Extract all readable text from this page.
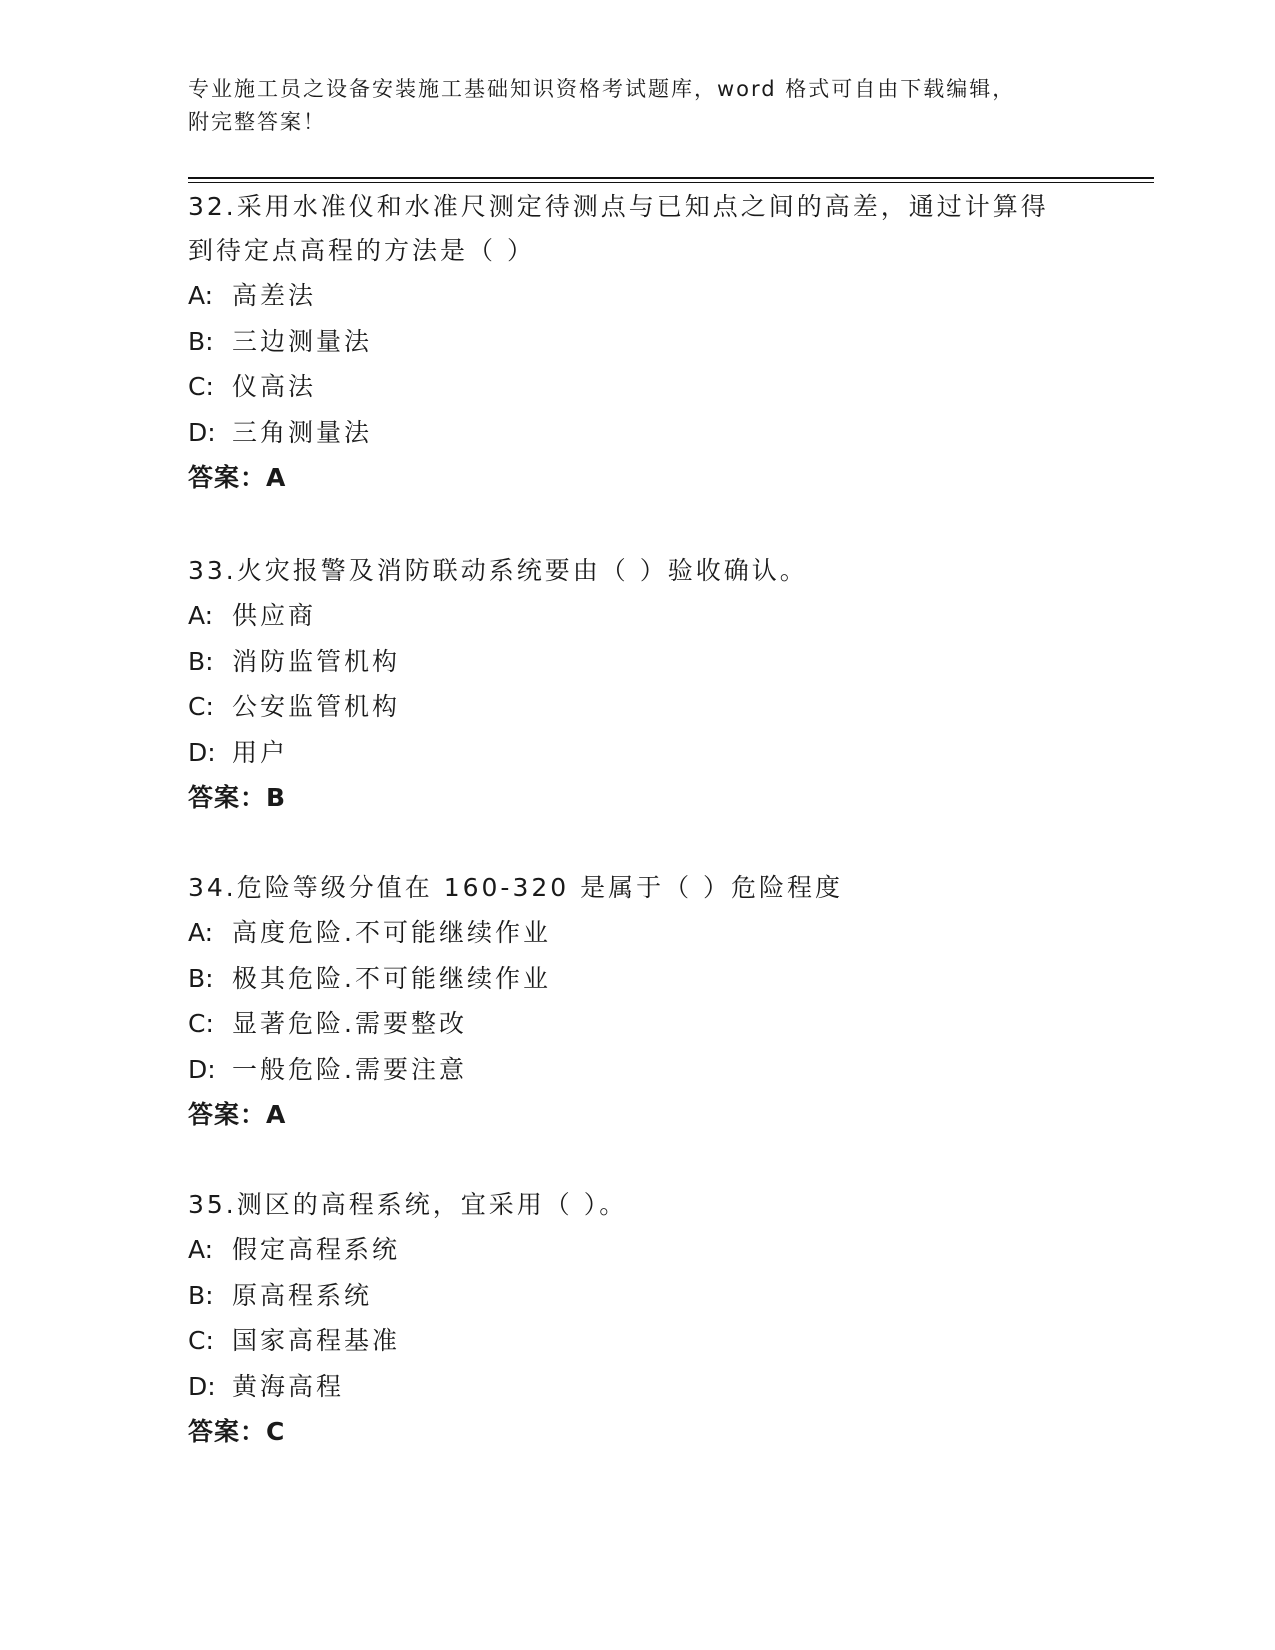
专业施工员之设备安装施工基础知识资格考试题库，word 格式可自由下载编辑，
附完整答案！
32.采用水准仪和水准尺测定待测点与已知点之间的高差，通过计算得
到待定点高程的方法是（ ）
A: 高差法
B: 三边测量法
C: 仪高法
D: 三角测量法
答案：A
33.火灾报警及消防联动系统要由（ ）验收确认。
A: 供应商
B: 消防监管机构
C: 公安监管机构
D: 用户
答案：B
34.危险等级分值在 160-320 是属于（ ）危险程度
A: 高度危险.不可能继续作业
B: 极其危险.不可能继续作业
C: 显著危险.需要整改
D: 一般危险.需要注意
答案：A
35.测区的高程系统，宜采用（ ）。
A: 假定高程系统
B: 原高程系统
C: 国家高程基准
D: 黄海高程
答案：C
